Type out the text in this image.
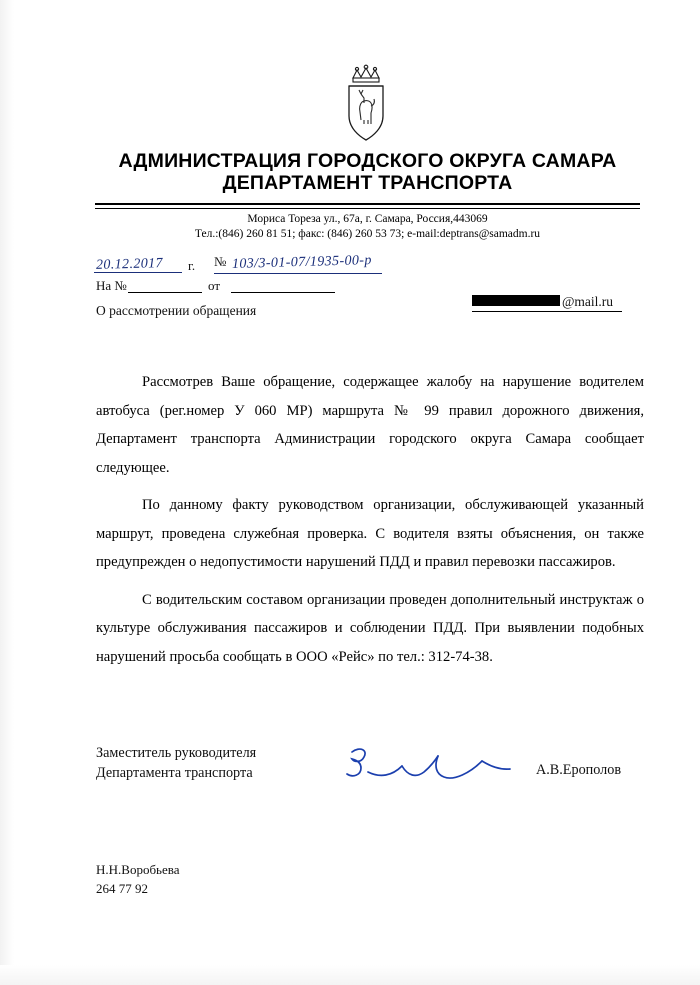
АДМИНИСТРАЦИЯ ГОРОДСКОГО ОКРУГА САМАРА
ДЕПАРТАМЕНТ ТРАНСПОРТА
Мориса Тореза ул., 67а, г. Самара, Россия,443069
Тел.:(846) 260 81 51; факс: (846) 260 53 73; e-mail:deptrans@samadm.ru
20.12.2017 г. № 103/3-01-07/1935-00-р
На №	от
О рассмотрении обращения
@mail.ru

Рассмотрев Ваше обращение, содержащее жалобу на нарушение водителем автобуса (рег.номер У 060 МР) маршрута № 99 правил дорожного движения, Департамент транспорта Администрации городского округа Самара сообщает следующее.

По данному факту руководством организации, обслуживающей указанный маршрут, проведена служебная проверка. С водителя взяты объяснения, он также предупрежден о недопустимости нарушений ПДД и правил перевозки пассажиров.

С водительским составом организации проведен дополнительный инструктаж о культуре обслуживания пассажиров и соблюдении ПДД. При выявлении подобных нарушений просьба сообщать в ООО «Рейс» по тел.: 312-74-38.

Заместитель руководителя
Департамента транспорта	А.В.Ерополов
Н.Н.Воробьева
264 77 92
